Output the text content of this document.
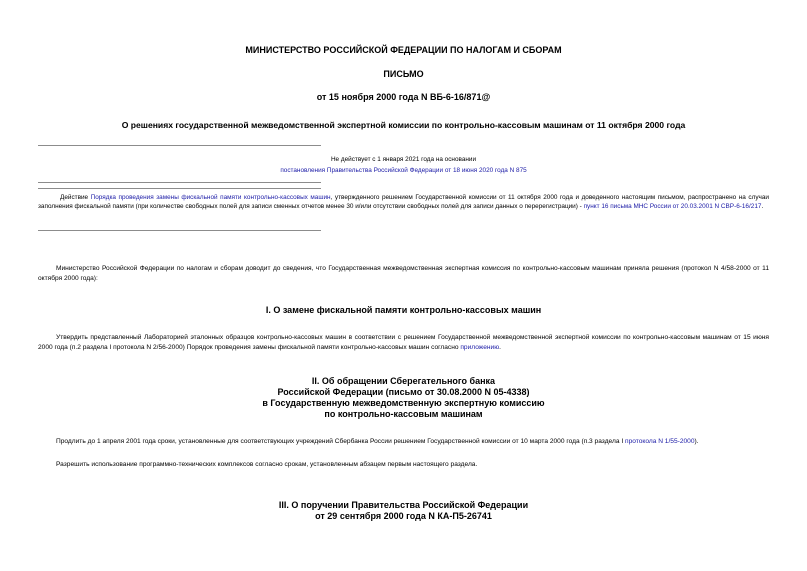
МИНИСТЕРСТВО РОССИЙСКОЙ ФЕДЕРАЦИИ ПО НАЛОГАМ И СБОРАМ
ПИСЬМО
от 15 ноября 2000 года N ВБ-6-16/871@
О решениях государственной межведомственной экспертной комиссии по контрольно-кассовым машинам от 11 октября 2000 года
Не действует с 1 января 2021 года на основании
постановления Правительства Российской Федерации от 18 июня 2020 года N 875
Действие Порядка проведения замены фискальной памяти контрольно-кассовых машин, утвержденного решением Государственной комиссии от 11 октября 2000 года и доведенного настоящим письмом, распространено на случаи заполнения фискальной памяти (при количестве свободных полей для записи сменных отчетов менее 30 и/или отсутствии свободных полей для записи данных о перерегистрации) - пункт 16 письма МНС России от 20.03.2001 N СВР-6-16/217.
Министерство Российской Федерации по налогам и сборам доводит до сведения, что Государственная межведомственная экспертная комиссия по контрольно-кассовым машинам приняла решения (протокол N 4/58-2000 от 11 октября 2000 года):
I. О замене фискальной памяти контрольно-кассовых машин
Утвердить представленный Лабораторией эталонных образцов контрольно-кассовых машин в соответствии с решением Государственной межведомственной экспертной комиссии по контрольно-кассовым машинам от 15 июня 2000 года (п.2 раздела I протокола N 2/56-2000) Порядок проведения замены фискальной памяти контрольно-кассовых машин согласно приложению.
II. Об обращении Сберегательного банка
Российской Федерации (письмо от 30.08.2000 N 05-4338)
в Государственную межведомственную экспертную комиссию
по контрольно-кассовым машинам
Продлить до 1 апреля 2001 года сроки, установленные для соответствующих учреждений Сбербанка России решением Государственной комиссии от 10 марта 2000 года (п.3 раздела I протокола N 1/55-2000).
Разрешить использование программно-технических комплексов согласно срокам, установленным абзацем первым настоящего раздела.
III. О поручении Правительства Российской Федерации
от 29 сентября 2000 года N КА-П5-26741
